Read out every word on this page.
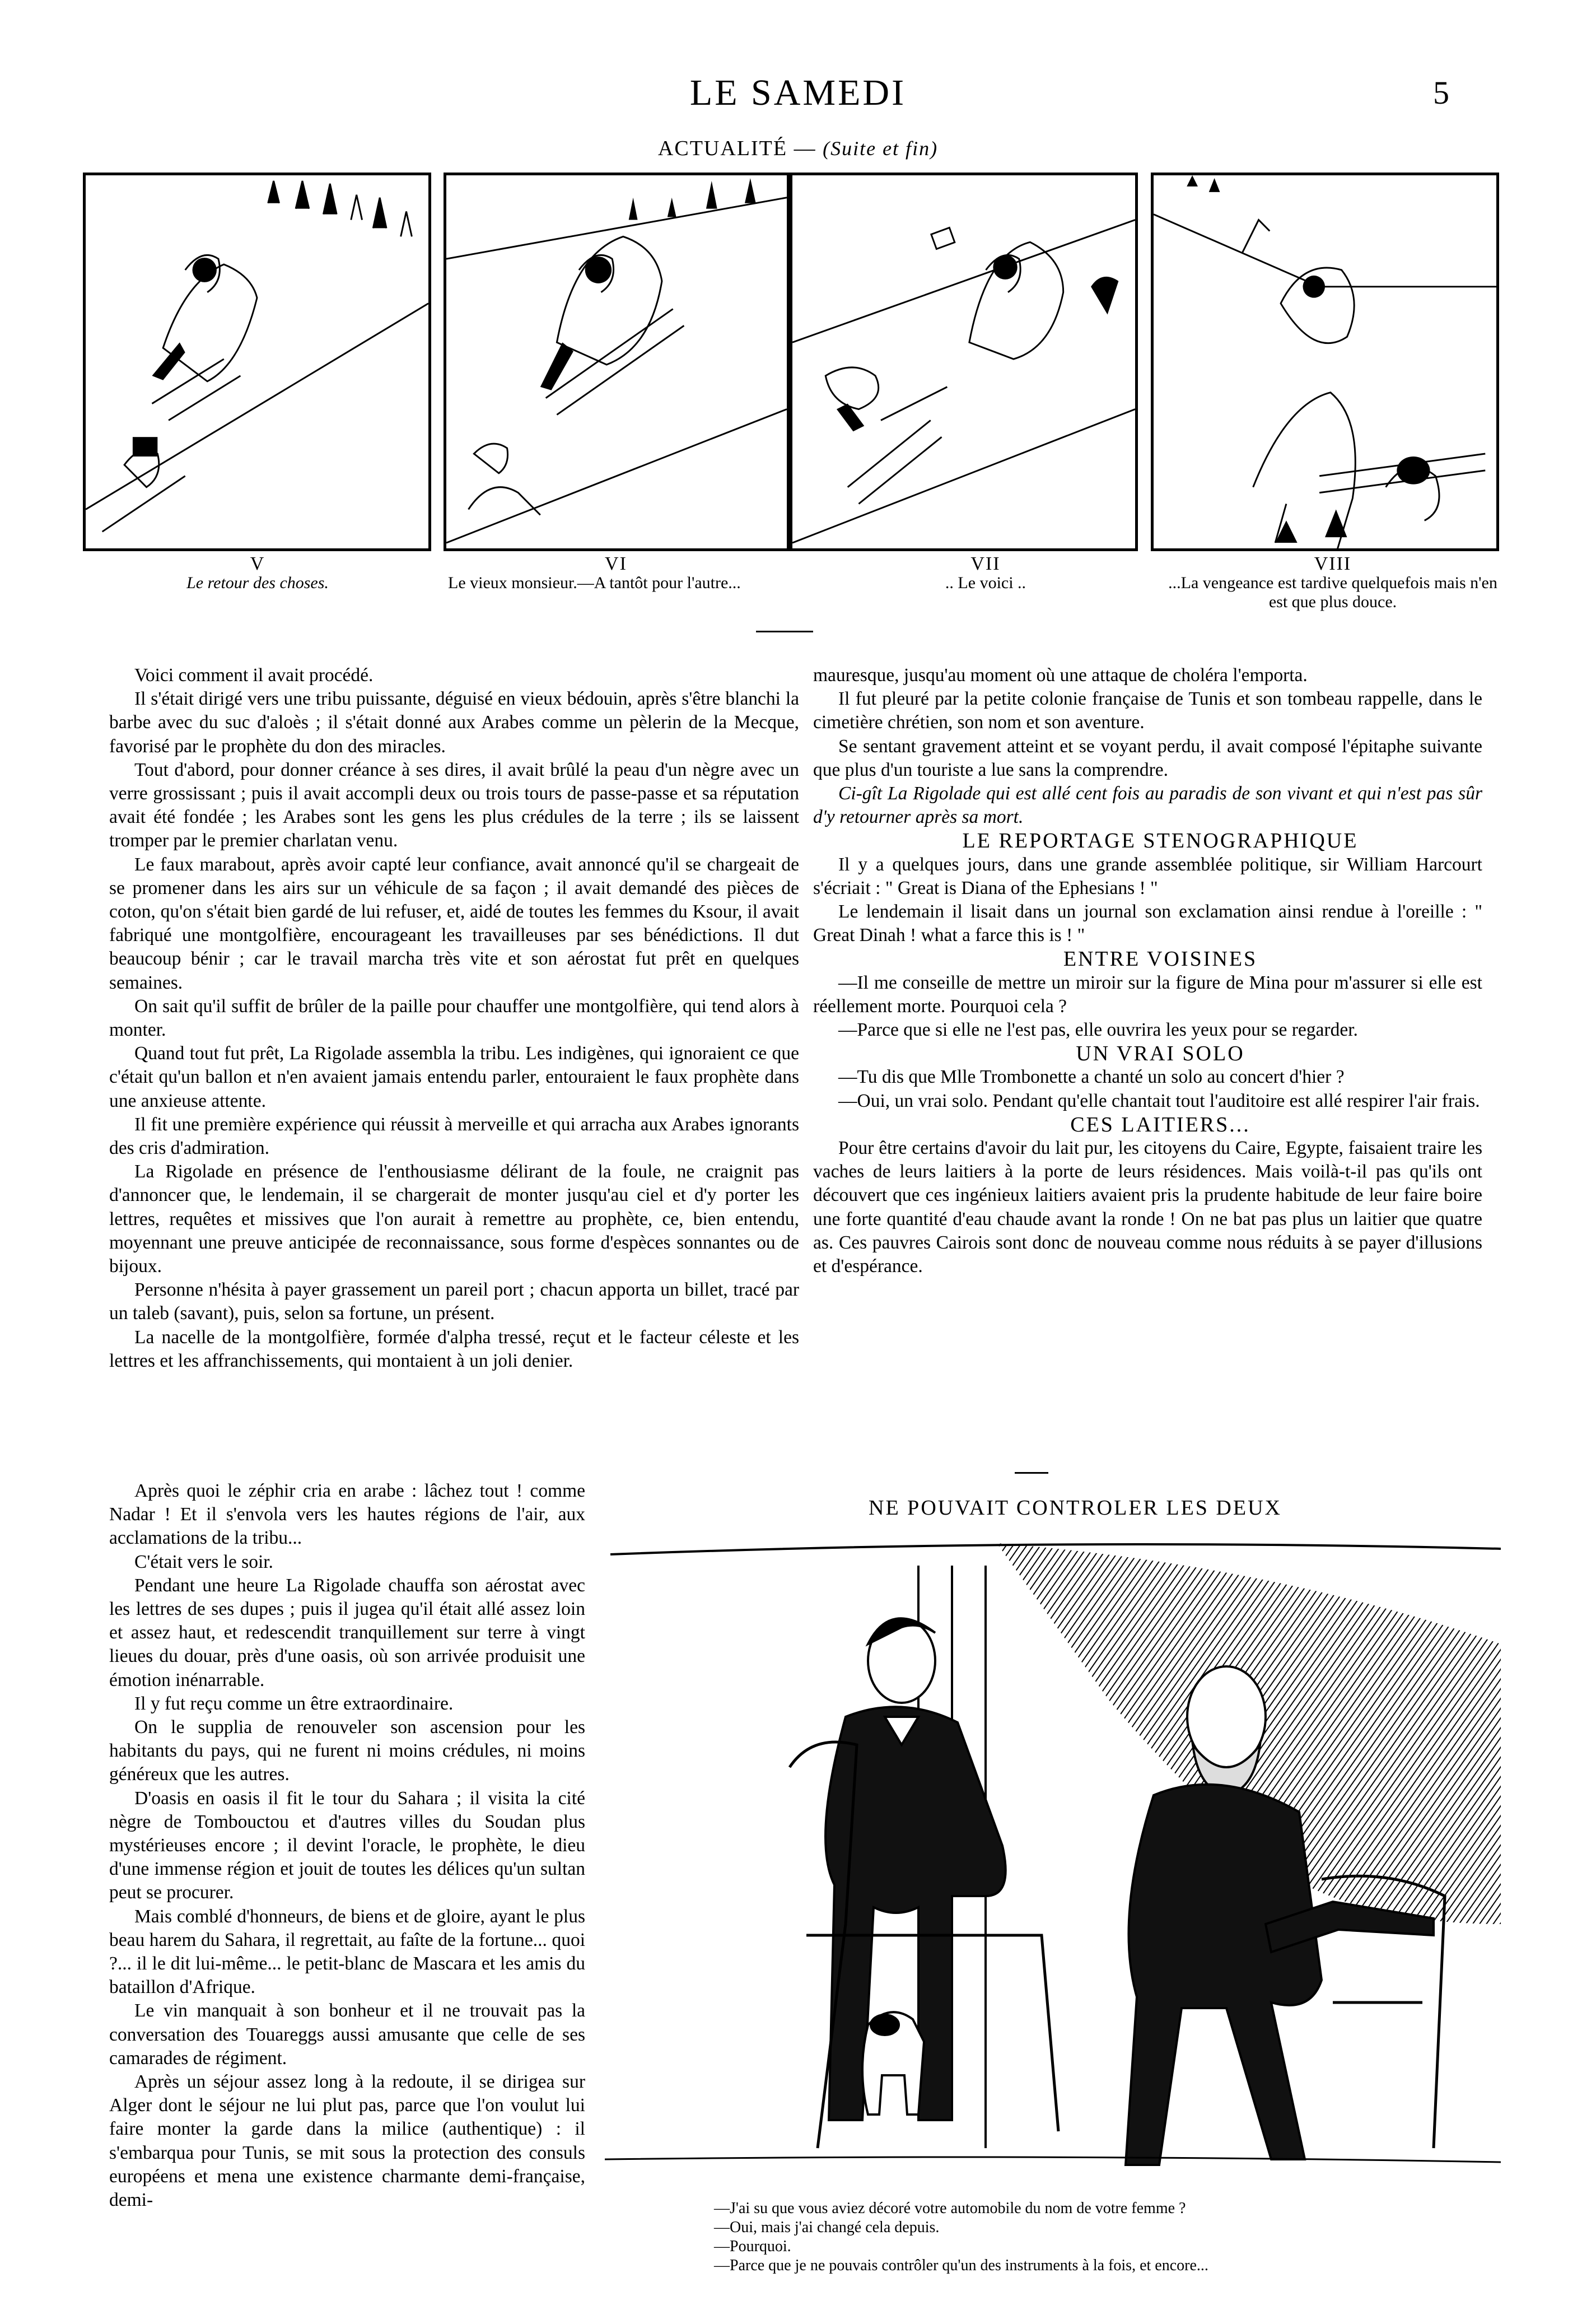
LE SAMEDI	5
ACTUALITÉ — (Suite et fin)
V
Le retour des choses.
VI
Le vieux monsieur.—A tantôt pour l'autre...
VII
.. Le voici ..
VIII
...La vengeance est tardive quelquefois mais n'en est que plus douce.

Voici comment il avait procédé.

Il s'était dirigé vers une tribu puissante, déguisé en vieux bédouin, après s'être blanchi la barbe avec du suc d'aloès ; il s'était donné aux Arabes comme un pèlerin de la Mecque, favorisé par le prophète du don des miracles.

Tout d'abord, pour donner créance à ses dires, il avait brûlé la peau d'un nègre avec un verre grossissant ; puis il avait accompli deux ou trois tours de passe-passe et sa réputation avait été fondée ; les Arabes sont les gens les plus crédules de la terre ; ils se laissent tromper par le premier charlatan venu.

Le faux marabout, après avoir capté leur confiance, avait annoncé qu'il se chargeait de se promener dans les airs sur un véhicule de sa façon ; il avait demandé des pièces de coton, qu'on s'était bien gardé de lui refuser, et, aidé de toutes les femmes du Ksour, il avait fabriqué une montgolfière, encourageant les travailleuses par ses bénédictions. Il dut beaucoup bénir ; car le travail marcha très vite et son aérostat fut prêt en quelques semaines.

On sait qu'il suffit de brûler de la paille pour chauffer une montgolfière, qui tend alors à monter.

Quand tout fut prêt, La Rigolade assembla la tribu. Les indigènes, qui ignoraient ce que c'était qu'un ballon et n'en avaient jamais entendu parler, entouraient le faux prophète dans une anxieuse attente.

Il fit une première expérience qui réussit à merveille et qui arracha aux Arabes ignorants des cris d'admiration.

La Rigolade en présence de l'enthousiasme délirant de la foule, ne craignit pas d'annoncer que, le lendemain, il se chargerait de monter jusqu'au ciel et d'y porter les lettres, requêtes et missives que l'on aurait à remettre au prophète, ce, bien entendu, moyennant une preuve anticipée de reconnaissance, sous forme d'espèces sonnantes ou de bijoux.

Personne n'hésita à payer grassement un pareil port ; chacun apporta un billet, tracé par un taleb (savant), puis, selon sa fortune, un présent.

La nacelle de la montgolfière, formée d'alpha tressé, reçut et le facteur céleste et les lettres et les affranchissements, qui montaient à un joli denier.

Après quoi le zéphir cria en arabe : lâchez tout ! comme Nadar ! Et il s'envola vers les hautes régions de l'air, aux acclamations de la tribu...

C'était vers le soir.

Pendant une heure La Rigolade chauffa son aérostat avec les lettres de ses dupes ; puis il jugea qu'il était allé assez loin et assez haut, et redescendit tranquillement sur terre à vingt lieues du douar, près d'une oasis, où son arrivée produisit une émotion inénarrable.

Il y fut reçu comme un être extraordinaire.

On le supplia de renouveler son ascension pour les habitants du pays, qui ne furent ni moins crédules, ni moins généreux que les autres.

D'oasis en oasis il fit le tour du Sahara ; il visita la cité nègre de Tombouctou et d'autres villes du Soudan plus mystérieuses encore ; il devint l'oracle, le prophète, le dieu d'une immense région et jouit de toutes les délices qu'un sultan peut se procurer.

Mais comblé d'honneurs, de biens et de gloire, ayant le plus beau harem du Sahara, il regrettait, au faîte de la fortune... quoi ?... il le dit lui-même... le petit-blanc de Mascara et les amis du bataillon d'Afrique.

Le vin manquait à son bonheur et il ne trouvait pas la conversation des Touareggs aussi amusante que celle de ses camarades de régiment.

Après un séjour assez long à la redoute, il se dirigea sur Alger dont le séjour ne lui plut pas, parce que l'on voulut lui faire monter la garde dans la milice (authentique) : il s'embarqua pour Tunis, se mit sous la protection des consuls européens et mena une existence charmante demi-française, demi-

mauresque, jusqu'au moment où une attaque de choléra l'emporta.

Il fut pleuré par la petite colonie française de Tunis et son tombeau rappelle, dans le cimetière chrétien, son nom et son aventure.

Se sentant gravement atteint et se voyant perdu, il avait composé l'épitaphe suivante que plus d'un touriste a lue sans la comprendre.

Ci-gît La Rigolade qui est allé cent fois au paradis de son vivant et qui n'est pas sûr d'y retourner après sa mort.

LE REPORTAGE STENOGRAPHIQUE

Il y a quelques jours, dans une grande assemblée politique, sir William Harcourt s'écriait : " Great is Diana of the Ephesians ! "

Le lendemain il lisait dans un journal son exclamation ainsi rendue à l'oreille : " Great Dinah ! what a farce this is ! "

ENTRE VOISINES

—Il me conseille de mettre un miroir sur la figure de Mina pour m'assurer si elle est réellement morte. Pourquoi cela ?

—Parce que si elle ne l'est pas, elle ouvrira les yeux pour se regarder.

UN VRAI SOLO

—Tu dis que Mlle Trombonette a chanté un solo au concert d'hier ?

—Oui, un vrai solo. Pendant qu'elle chantait tout l'auditoire est allé respirer l'air frais.

CES LAITIERS...

Pour être certains d'avoir du lait pur, les citoyens du Caire, Egypte, faisaient traire les vaches de leurs laitiers à la porte de leurs résidences. Mais voilà-t-il pas qu'ils ont découvert que ces ingénieux laitiers avaient pris la prudente habitude de leur faire boire une forte quantité d'eau chaude avant la ronde ! On ne bat pas plus un laitier que quatre as. Ces pauvres Cairois sont donc de nouveau comme nous réduits à se payer d'illusions et d'espérance.

NE POUVAIT CONTROLER LES DEUX
—J'ai su que vous aviez décoré votre automobile du nom de votre femme ?
—Oui, mais j'ai changé cela depuis.
—Pourquoi.
—Parce que je ne pouvais contrôler qu'un des instruments à la fois, et encore...
